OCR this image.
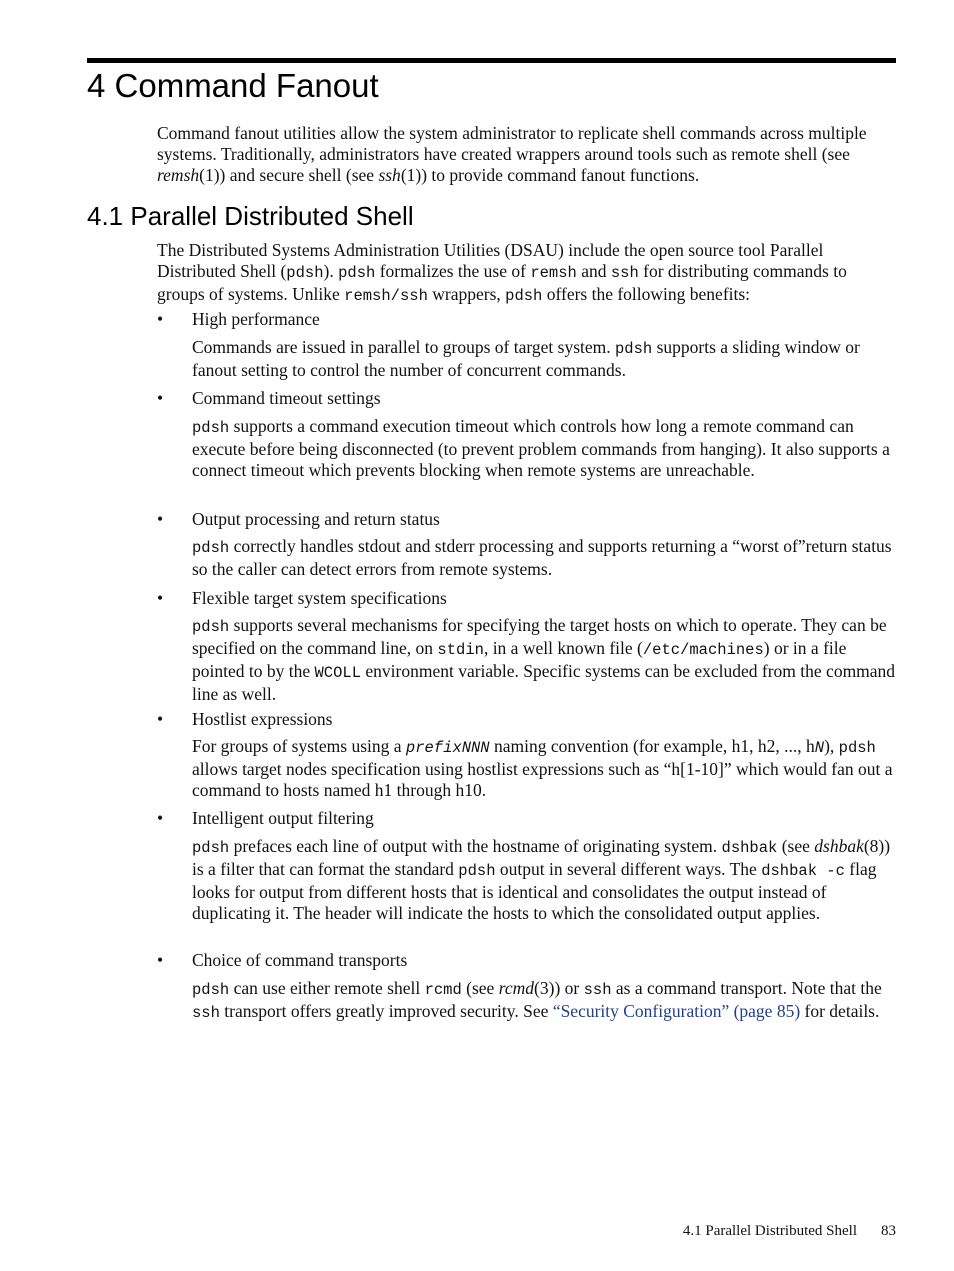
4 Command Fanout

Command fanout utilities allow the system administrator to replicate shell commands across multiple systems. Traditionally, administrators have created wrappers around tools such as remote shell (see remsh(1)) and secure shell (see ssh(1)) to provide command fanout functions.

4.1 Parallel Distributed Shell

The Distributed Systems Administration Utilities (DSAU) include the open source tool Parallel Distributed Shell (pdsh). pdsh formalizes the use of remsh and ssh for distributing commands to groups of systems. Unlike remsh/ssh wrappers, pdsh offers the following benefits:

• High performance

Commands are issued in parallel to groups of target system. pdsh supports a sliding window or fanout setting to control the number of concurrent commands.

• Command timeout settings

pdsh supports a command execution timeout which controls how long a remote command can execute before being disconnected (to prevent problem commands from hanging). It also supports a connect timeout which prevents blocking when remote systems are unreachable.

• Output processing and return status

pdsh correctly handles stdout and stderr processing and supports returning a “worst of”return status so the caller can detect errors from remote systems.

• Flexible target system specifications

pdsh supports several mechanisms for specifying the target hosts on which to operate. They can be specified on the command line, on stdin, in a well known file (/etc/machines) or in a file pointed to by the WCOLL environment variable. Specific systems can be excluded from the command line as well.

• Hostlist expressions

For groups of systems using a prefixNNN naming convention (for example, h1, h2, ..., hN), pdsh allows target nodes specification using hostlist expressions such as “h[1-10]” which would fan out a command to hosts named h1 through h10.

• Intelligent output filtering

pdsh prefaces each line of output with the hostname of originating system. dshbak (see dshbak(8)) is a filter that can format the standard pdsh output in several different ways. The dshbak -c flag looks for output from different hosts that is identical and consolidates the output instead of duplicating it. The header will indicate the hosts to which the consolidated output applies.

• Choice of command transports

pdsh can use either remote shell rcmd (see rcmd(3)) or ssh as a command transport. Note that the ssh transport offers greatly improved security. See “Security Configuration” (page 85) for details.

4.1 Parallel Distributed Shell 83
